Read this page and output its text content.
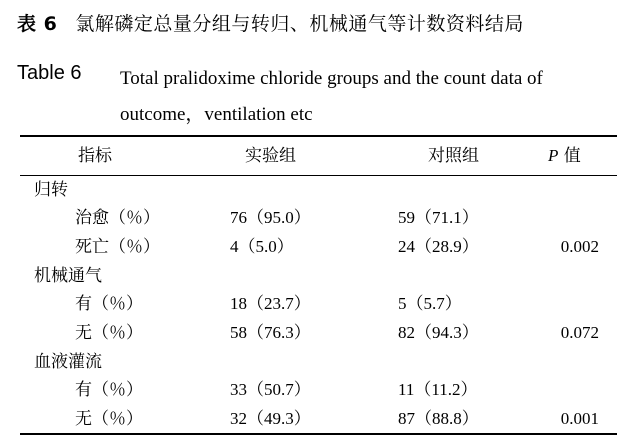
表 6 氯解磷定总量分组与转归、机械通气等计数资料结局
Table 6 Total pralidoxime chloride groups and the count data of outcome，ventilation etc
指标	实验组	对照组	P 值
归转
治愈（％）	76（95.0）	59（71.1）
死亡（％）	4（5.0）	24（28.9）	0.002
机械通气
有（％）	18（23.7）	5（5.7）
无（％）	58（76.3）	82（94.3）	0.072
血液灌流
有（％）	33（50.7）	11（11.2）
无（％）	32（49.3）	87（88.8）	0.001
